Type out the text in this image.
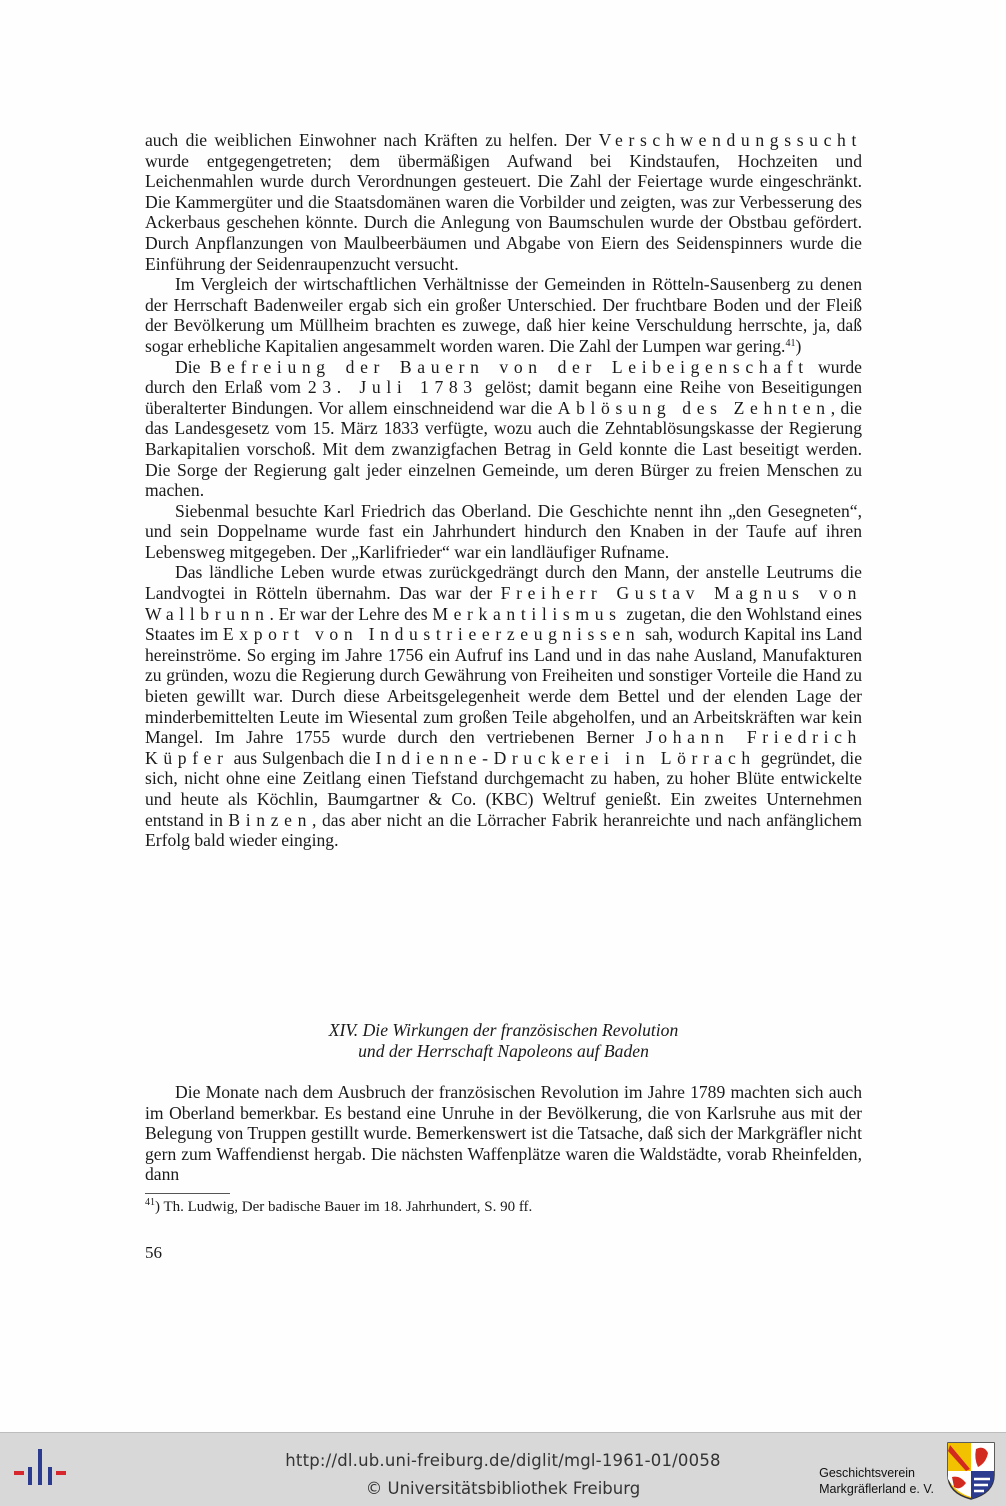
auch die weiblichen Einwohner nach Kräften zu helfen. Der Verschwendungssucht wurde entgegengetreten; dem übermäßigen Aufwand bei Kindstaufen, Hochzeiten und Leichenmahlen wurde durch Verordnungen gesteuert. Die Zahl der Feiertage wurde eingeschränkt. Die Kammergüter und die Staatsdomänen waren die Vorbilder und zeigten, was zur Verbesserung des Ackerbaus geschehen könnte. Durch die Anlegung von Baumschulen wurde der Obstbau gefördert. Durch Anpflanzungen von Maulbeerbäumen und Abgabe von Eiern des Seidenspinners wurde die Einführung der Seidenraupenzucht versucht.

Im Vergleich der wirtschaftlichen Verhältnisse der Gemeinden in Rötteln-Sausenberg zu denen der Herrschaft Badenweiler ergab sich ein großer Unterschied. Der fruchtbare Boden und der Fleiß der Bevölkerung um Müllheim brachten es zuwege, daß hier keine Verschuldung herrschte, ja, daß sogar erhebliche Kapitalien angesammelt worden waren. Die Zahl der Lumpen war gering.$^{41}$)

Die Befreiung der Bauern von der Leibeigenschaft wurde durch den Erlaß vom 23. Juli 1783 gelöst; damit begann eine Reihe von Beseitigungen überalterter Bindungen. Vor allem einschneidend war die Ablösung des Zehnten, die das Landesgesetz vom 15. März 1833 verfügte, wozu auch die Zehntablösungskasse der Regierung Barkapitalien vorschoß. Mit dem zwanzigfachen Betrag in Geld konnte die Last beseitigt werden. Die Sorge der Regierung galt jeder einzelnen Gemeinde, um deren Bürger zu freien Menschen zu machen.

Siebenmal besuchte Karl Friedrich das Oberland. Die Geschichte nennt ihn „den Gesegneten“, und sein Doppelname wurde fast ein Jahrhundert hindurch den Knaben in der Taufe auf ihren Lebensweg mitgegeben. Der „Karlifrieder“ war ein landläufiger Rufname.

Das ländliche Leben wurde etwas zurückgedrängt durch den Mann, der anstelle Leutrums die Landvogtei in Rötteln übernahm. Das war der Freiherr Gustav Magnus von Wallbrunn. Er war der Lehre des Merkantilismus zugetan, die den Wohlstand eines Staates im Export von Industrieerzeugnissen sah, wodurch Kapital ins Land hereinströme. So erging im Jahre 1756 ein Aufruf ins Land und in das nahe Ausland, Manufakturen zu gründen, wozu die Regierung durch Gewährung von Freiheiten und sonstiger Vorteile die Hand zu bieten gewillt war. Durch diese Arbeitsgelegenheit werde dem Bettel und der elenden Lage der minderbemittelten Leute im Wiesental zum großen Teile abgeholfen, und an Arbeitskräften war kein Mangel. Im Jahre 1755 wurde durch den vertriebenen Berner Johann Friedrich Küpfer aus Sulgenbach die Indienne-Druckerei in Lörrach gegründet, die sich, nicht ohne eine Zeitlang einen Tiefstand durchgemacht zu haben, zu hoher Blüte entwickelte und heute als Köchlin, Baumgartner & Co. (KBC) Weltruf genießt. Ein zweites Unternehmen entstand in Binzen, das aber nicht an die Lörracher Fabrik heranreichte und nach anfänglichem Erfolg bald wieder einging.

XIV. Die Wirkungen der französischen Revolution
und der Herrschaft Napoleons auf Baden

Die Monate nach dem Ausbruch der französischen Revolution im Jahre 1789 machten sich auch im Oberland bemerkbar. Es bestand eine Unruhe in der Bevölkerung, die von Karlsruhe aus mit der Belegung von Truppen gestillt wurde. Bemerkenswert ist die Tatsache, daß sich der Markgräfler nicht gern zum Waffendienst hergab. Die nächsten Waffenplätze waren die Waldstädte, vorab Rheinfelden, dann

$^{41}$) Th. Ludwig, Der badische Bauer im 18. Jahrhundert, S. 90 ff.
56
http://dl.ub.uni-freiburg.de/diglit/mgl-1961-01/0058
© Universitätsbibliothek Freiburg
Geschichtsverein
Markgräflerland e. V.
